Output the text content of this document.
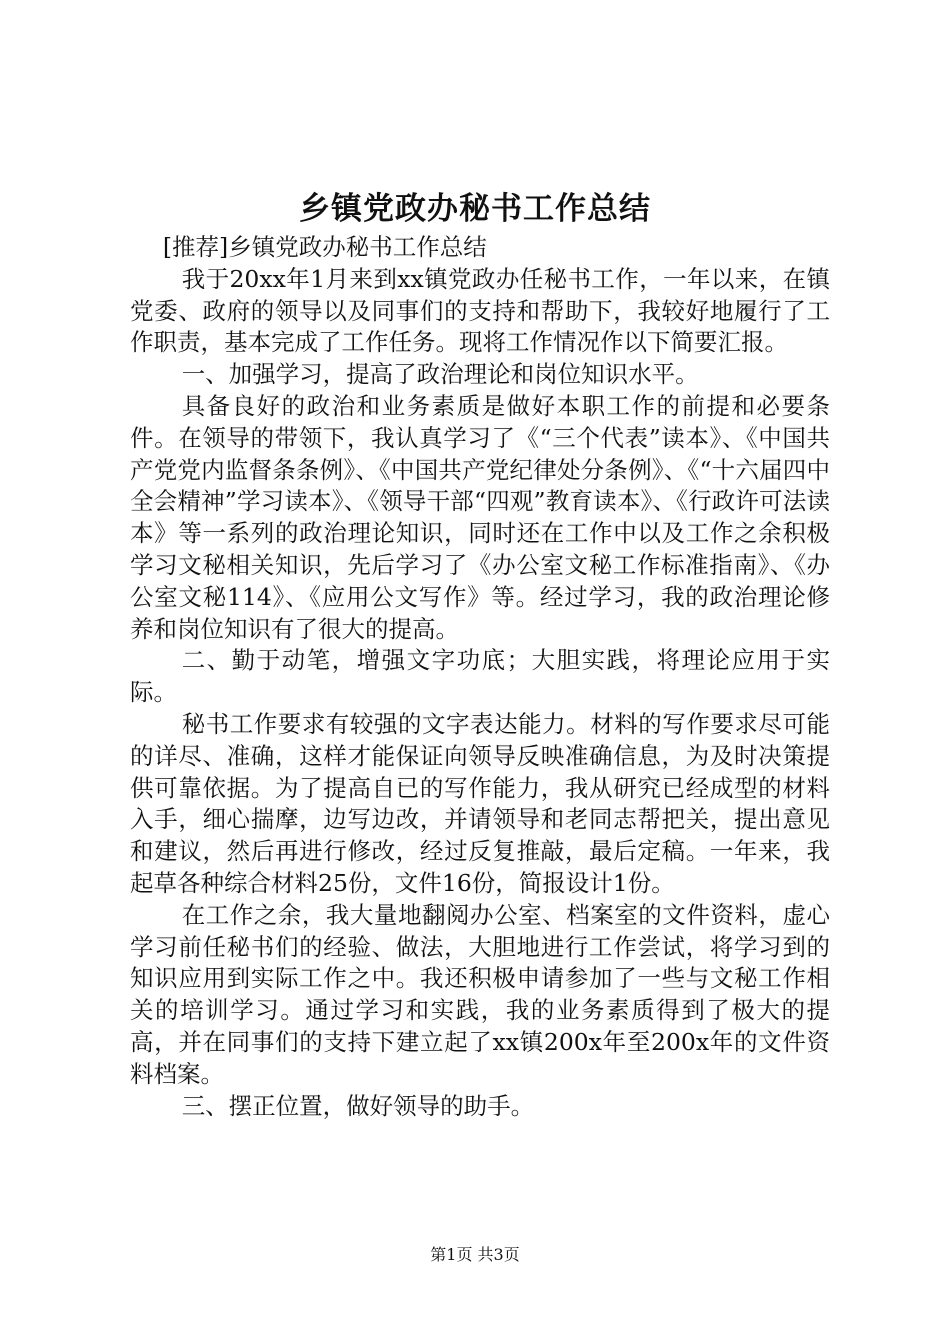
乡镇党政办秘书工作总结

[推荐]乡镇党政办秘书工作总结

我于20xx年1月来到xx镇党政办任秘书工作，一年以来，在镇党委、政府的领导以及同事们的支持和帮助下，我较好地履行了工作职责，基本完成了工作任务。现将工作情况作以下简要汇报。

一、加强学习，提高了政治理论和岗位知识水平。

具备良好的政治和业务素质是做好本职工作的前提和必要条件。在领导的带领下，我认真学习了《“三个代表”读本》、《中国共产党党内监督条条例》、《中国共产党纪律处分条例》、《“十六届四中全会精神”学习读本》、《领导干部“四观”教育读本》、《行政许可法读本》等一系列的政治理论知识，同时还在工作中以及工作之余积极学习文秘相关知识，先后学习了《办公室文秘工作标准指南》、《办公室文秘114》、《应用公文写作》等。经过学习，我的政治理论修养和岗位知识有了很大的提高。

二、勤于动笔，增强文字功底；大胆实践，将理论应用于实际。

秘书工作要求有较强的文字表达能力。材料的写作要求尽可能的详尽、准确，这样才能保证向领导反映准确信息，为及时决策提供可靠依据。为了提高自已的写作能力，我从研究已经成型的材料入手，细心揣摩，边写边改，并请领导和老同志帮把关，提出意见和建议，然后再进行修改，经过反复推敲，最后定稿。一年来，我起草各种综合材料25份，文件16份，简报设计1份。

在工作之余，我大量地翻阅办公室、档案室的文件资料，虚心学习前任秘书们的经验、做法，大胆地进行工作尝试，将学习到的知识应用到实际工作之中。我还积极申请参加了一些与文秘工作相关的培训学习。通过学习和实践，我的业务素质得到了极大的提高，并在同事们的支持下建立起了xx镇200x年至200x年的文件资料档案。

三、摆正位置，做好领导的助手。

第1页 共3页
